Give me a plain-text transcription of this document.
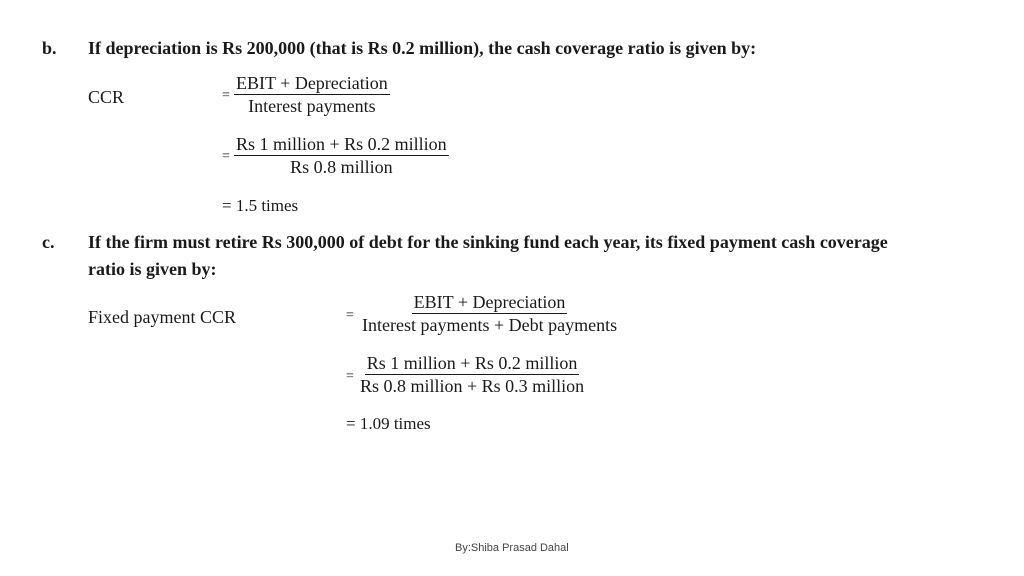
b. If depreciation is Rs 200,000 (that is Rs 0.2 million), the cash coverage ratio is given by:
CCR	=
EBIT + Depreciation
Interest payments
=
Rs 1 million + Rs 0.2 million
Rs 0.8 million
= 1.5 times
c. If the firm must retire Rs 300,000 of debt for the sinking fund each year, its fixed payment cash coverage
ratio is given by:
Fixed payment CCR	=
EBIT + Depreciation
Interest payments + Debt payments
=
Rs 1 million + Rs 0.2 million
Rs 0.8 million + Rs 0.3 million
= 1.09 times
By:Shiba Prasad Dahal
